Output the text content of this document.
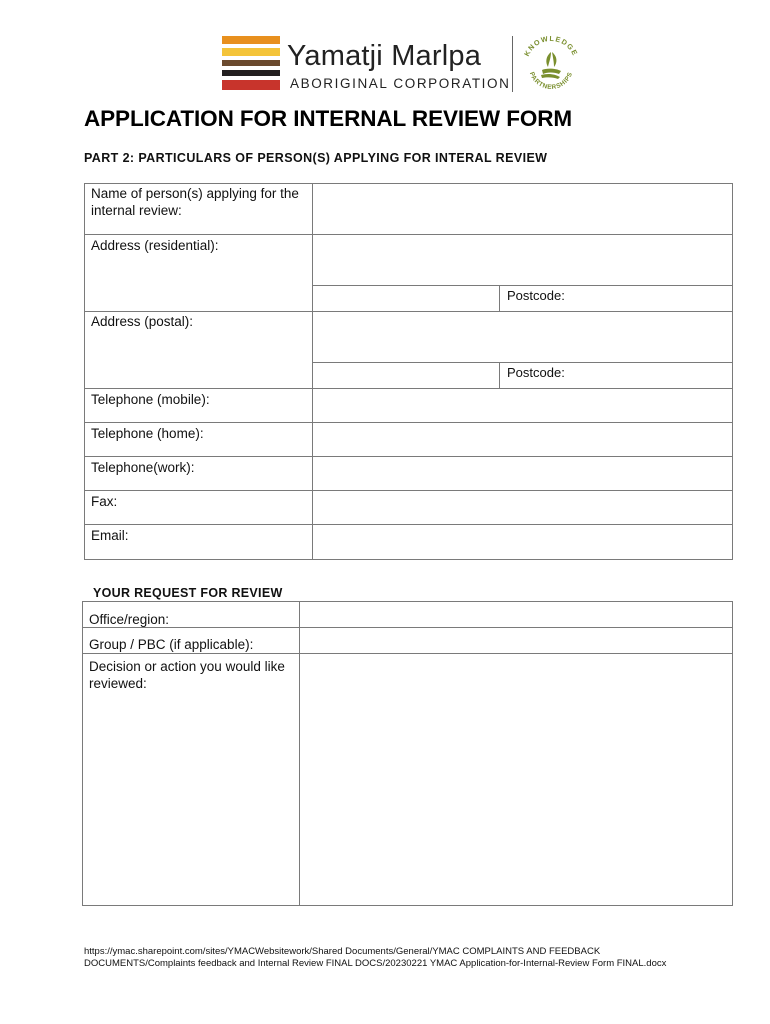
Yamatji Marlpa
ABORIGINAL CORPORATION
KNOWLEDGE
PARTNERSHIPS
APPLICATION FOR INTERNAL REVIEW FORM
PART 2: PARTICULARS OF PERSON(S) APPLYING FOR INTERAL REVIEW
Name of person(s) applying for the internal review:
Address (residential):
Postcode:
Address (postal):
Postcode:
Telephone (mobile):
Telephone (home):
Telephone(work):
Fax:
Email:
YOUR REQUEST FOR REVIEW
Office/region:
Group / PBC (if applicable):
Decision or action you would like reviewed:
https://ymac.sharepoint.com/sites/YMACWebsitework/Shared Documents/General/YMAC COMPLAINTS AND FEEDBACK DOCUMENTS/Complaints feedback and Internal Review FINAL DOCS/20230221 YMAC Application-for-Internal-Review Form FINAL.docx
